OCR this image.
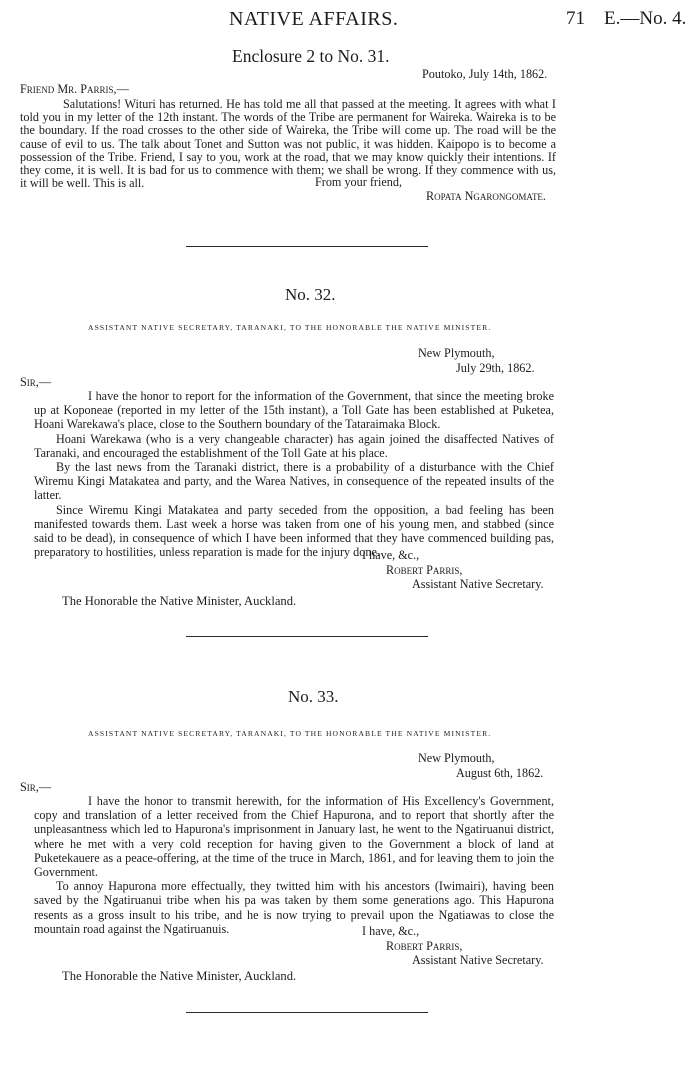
NATIVE AFFAIRS.	71 E.—No. 4.
Enclosure 2 to No. 31.
Poutoko, July 14th, 1862.
Friend Mr. Parris,—

Salutations! Wituri has returned. He has told me all that passed at the meeting. It agrees with what I told you in my letter of the 12th instant. The words of the Tribe are permanent for Waireka. Waireka is to be the boundary. If the road crosses to the other side of Waireka, the Tribe will come up. The road will be the cause of evil to us. The talk about Tonet and Sutton was not public, it was hidden. Kaipopo is to become a possession of the Tribe. Friend, I say to you, work at the road, that we may know quickly their intentions. If they come, it is well. It is bad for us to commence with them; we shall be wrong. If they commence with us, it will be well. This is all.	From your friend,
Ropata Ngarongomate.
No. 32.
ASSISTANT NATIVE SECRETARY, TARANAKI, TO THE HONORABLE THE NATIVE MINISTER.
New Plymouth,
July 29th, 1862.
Sir,—

I have the honor to report for the information of the Government, that since the meeting broke up at Koponeae (reported in my letter of the 15th instant), a Toll Gate has been established at Puketea, Hoani Warekawa's place, close to the Southern boundary of the Tataraimaka Block.

Hoani Warekawa (who is a very changeable character) has again joined the disaffected Natives of Taranaki, and encouraged the establishment of the Toll Gate at his place.

By the last news from the Taranaki district, there is a probability of a disturbance with the Chief Wiremu Kingi Matakatea and party, and the Warea Natives, in consequence of the repeated insults of the latter.

Since Wiremu Kingi Matakatea and party seceded from the opposition, a bad feeling has been manifested towards them. Last week a horse was taken from one of his young men, and stabbed (since said to be dead), in consequence of which I have been informed that they have commenced building pas, preparatory to hostilities, unless reparation is made for the injury done.

I have, &c.,
Robert Parris,
Assistant Native Secretary.
The Honorable the Native Minister, Auckland.
No. 33.
ASSISTANT NATIVE SECRETARY, TARANAKI, TO THE HONORABLE THE NATIVE MINISTER.
New Plymouth,
August 6th, 1862.
Sir,—

I have the honor to transmit herewith, for the information of His Excellency's Government, copy and translation of a letter received from the Chief Hapurona, and to report that shortly after the unpleasantness which led to Hapurona's imprisonment in January last, he went to the Ngatiruanui district, where he met with a very cold reception for having given to the Government a block of land at Puketekauere as a peace-offering, at the time of the truce in March, 1861, and for leaving them to join the Government.

To annoy Hapurona more effectually, they twitted him with his ancestors (Iwimairi), having been saved by the Ngatiruanui tribe when his pa was taken by them some generations ago. This Hapurona resents as a gross insult to his tribe, and he is now trying to prevail upon the Ngatiawas to close the mountain road against the Ngatiruanuis.	I have, &c.,
Robert Parris,
Assistant Native Secretary.
The Honorable the Native Minister, Auckland.
